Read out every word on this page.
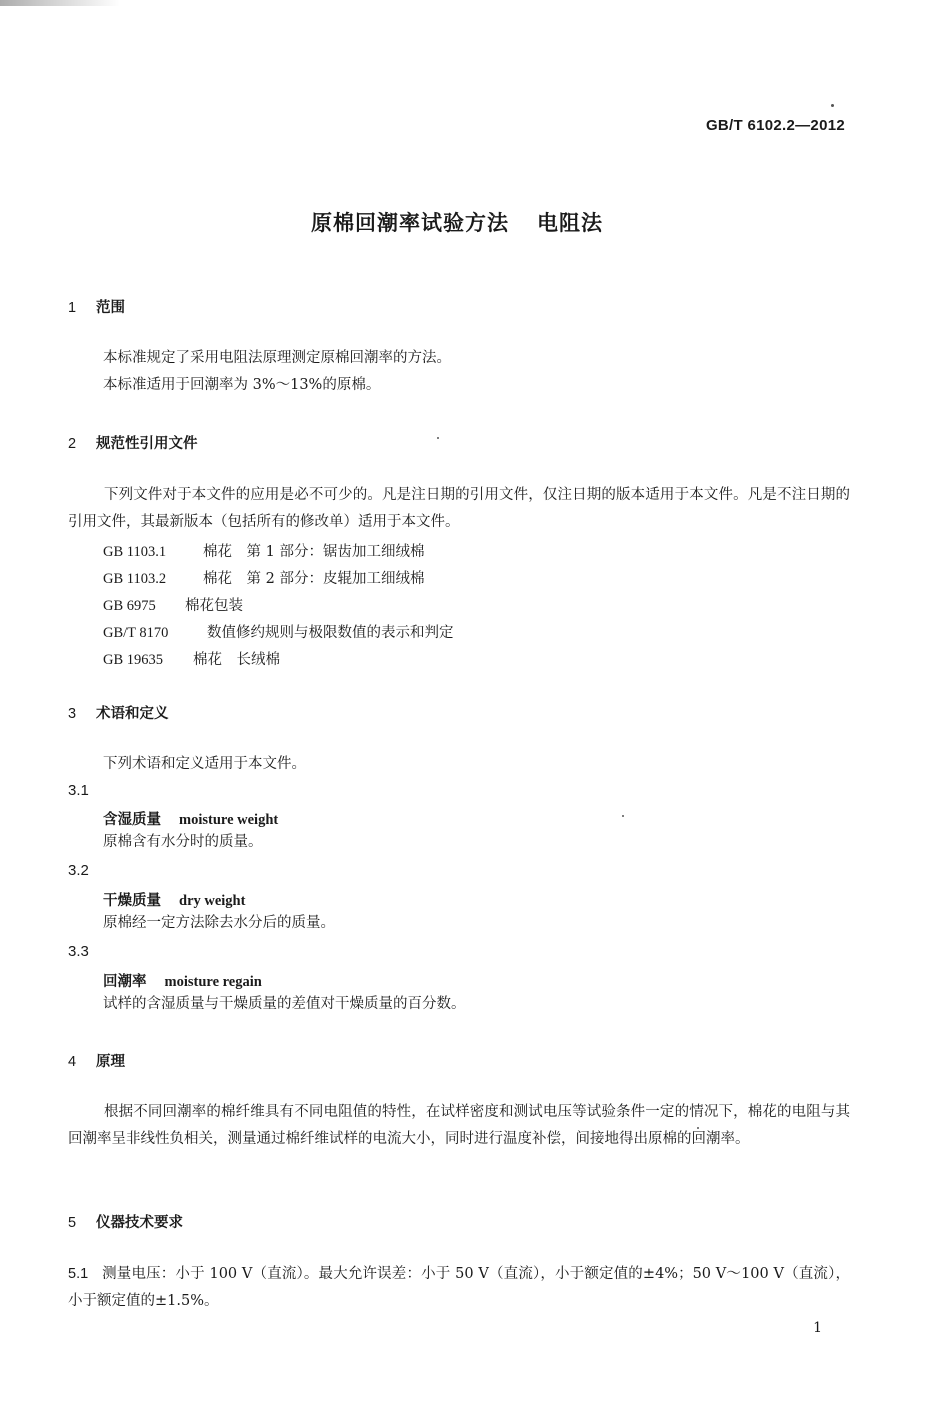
GB/T 6102.2—2012
原棉回潮率试验方法 电阻法
1 范围
本标准规定了采用电阻法原理测定原棉回潮率的方法。
本标准适用于回潮率为 3%～13%的原棉。
2 规范性引用文件
下列文件对于本文件的应用是必不可少的。凡是注日期的引用文件，仅注日期的版本适用于本文件。凡是不注日期的引用文件，其最新版本（包括所有的修改单）适用于本文件。
GB 1103.1	棉花　第 1 部分：锯齿加工细绒棉
GB 1103.2	棉花　第 2 部分：皮辊加工细绒棉
GB 6975 棉花包装
GB/T 8170	数值修约规则与极限数值的表示和判定
GB 19635 棉花　长绒棉
3 术语和定义
下列术语和定义适用于本文件。
3.1
含湿质量 moisture weight
原棉含有水分时的质量。
3.2
干燥质量 dry weight
原棉经一定方法除去水分后的质量。
3.3
回潮率 moisture regain
试样的含湿质量与干燥质量的差值对干燥质量的百分数。
4 原理
根据不同回潮率的棉纤维具有不同电阻值的特性，在试样密度和测试电压等试验条件一定的情况下，棉花的电阻与其回潮率呈非线性负相关，测量通过棉纤维试样的电流大小，同时进行温度补偿，间接地得出原棉的回潮率。
5 仪器技术要求
5.1 测量电压：小于 100 V（直流）。最大允许误差：小于 50 V（直流），小于额定值的±4%；50 V～100 V（直流），小于额定值的±1.5%。
1
